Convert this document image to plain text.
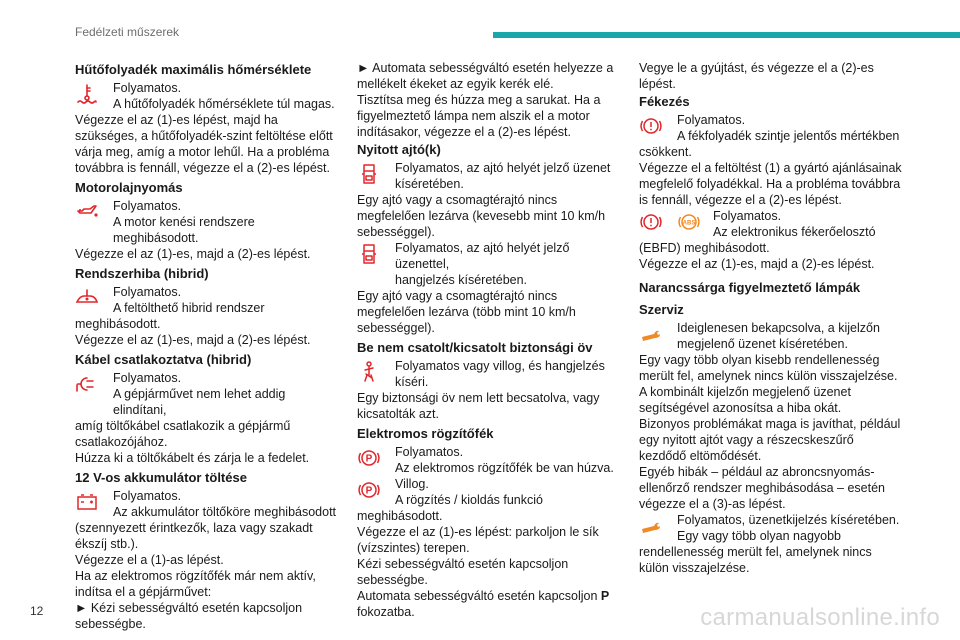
Fedélzeti műszerek
Hűtőfolyadék maximális hőmérséklete
Folyamatos.
A hűtőfolyadék hőmérséklete túl magas.
Végezze el az (1)-es lépést, majd ha szükséges, a hűtőfolyadék-szint feltöltése előtt várja meg, amíg a motor lehűl. Ha a probléma továbbra is fennáll, végezze el a (2)-es lépést.
Motorolajnyomás
Folyamatos.
A motor kenési rendszere meghibásodott.
Végezze el az (1)-es, majd a (2)-es lépést.
Rendszerhiba (hibrid)
Folyamatos.
A feltölthető hibrid rendszer
meghibásodott.
Végezze el az (1)-es, majd a (2)-es lépést.
Kábel csatlakoztatva (hibrid)
Folyamatos.
A gépjárművet nem lehet addig elindítani,
amíg töltőkábel csatlakozik a gépjármű csatlakozójához.
Húzza ki a töltőkábelt és zárja le a fedelet.
12 V-os akkumulátor töltése
Folyamatos.
Az akkumulátor töltőköre meghibásodott
(szennyezett érintkezők, laza vagy szakadt ékszíj stb.).
Végezze el a (1)-as lépést.
Ha az elektromos rögzítőfék már nem aktív, indítsa el a gépjárművet:
► Kézi sebességváltó esetén kapcsoljon sebességbe.
► Automata sebességváltó esetén helyezze a mellékelt ékeket az egyik kerék elé.
Tisztítsa meg és húzza meg a sarukat. Ha a figyelmeztető lámpa nem alszik el a motor indításakor, végezze el a (2)-es lépést.
Nyitott ajtó(k)
Folyamatos, az ajtó helyét jelző üzenet
kíséretében.
Egy ajtó vagy a csomagtérajtó nincs megfelelően lezárva (kevesebb mint 10 km/h sebességgel).
Folyamatos, az ajtó helyét jelző üzenettel,
hangjelzés kíséretében.
Egy ajtó vagy a csomagtérajtó nincs megfelelően lezárva (több mint 10 km/h sebességgel).
Be nem csatolt/kicsatolt biztonsági öv
Folyamatos vagy villog, és hangjelzés
kíséri.
Egy biztonsági öv nem lett becsatolva, vagy kicsatolták azt.
Elektromos rögzítőfék
P Folyamatos.
Az elektromos rögzítőfék be van húzva.
P Villog.
A rögzítés / kioldás funkció
meghibásodott.
Végezze el az (1)-es lépést: parkoljon le sík (vízszintes) terepen.
Kézi sebességváltó esetén kapcsoljon sebességbe.
Automata sebességváltó esetén kapcsoljon P fokozatba.
Vegye le a gyújtást, és végezze el a (2)-es lépést.
Fékezés
Folyamatos.
A fékfolyadék szintje jelentős mértékben
csökkent.
Végezze el a feltöltést (1) a gyártó ajánlásainak megfelelő folyadékkal. Ha a probléma továbbra is fennáll, végezze el a (2)-es lépést.
ABS
Folyamatos.
Az elektronikus fékerőelosztó
(EBFD) meghibásodott.
Végezze el az (1)-es, majd a (2)-es lépést.
Narancssárga figyelmeztető lámpák
Szerviz
Ideiglenesen bekapcsolva, a kijelzőn
megjelenő üzenet kíséretében.
Egy vagy több olyan kisebb rendellenesség merült fel, amelynek nincs külön visszajelzése.
A kombinált kijelzőn megjelenő üzenet segítségével azonosítsa a hiba okát.
Bizonyos problémákat maga is javíthat, például egy nyitott ajtót vagy a részecskeszűrő kezdődő eltömődését.
Egyéb hibák – például az abroncsnyomás-ellenőrző rendszer meghibásodása – esetén végezze el a (3)-as lépést.
Folyamatos, üzenetkijelzés kíséretében.
Egy vagy több olyan nagyobb
rendellenesség merült fel, amelynek nincs külön visszajelzése.
12	carmanualsonline.info
